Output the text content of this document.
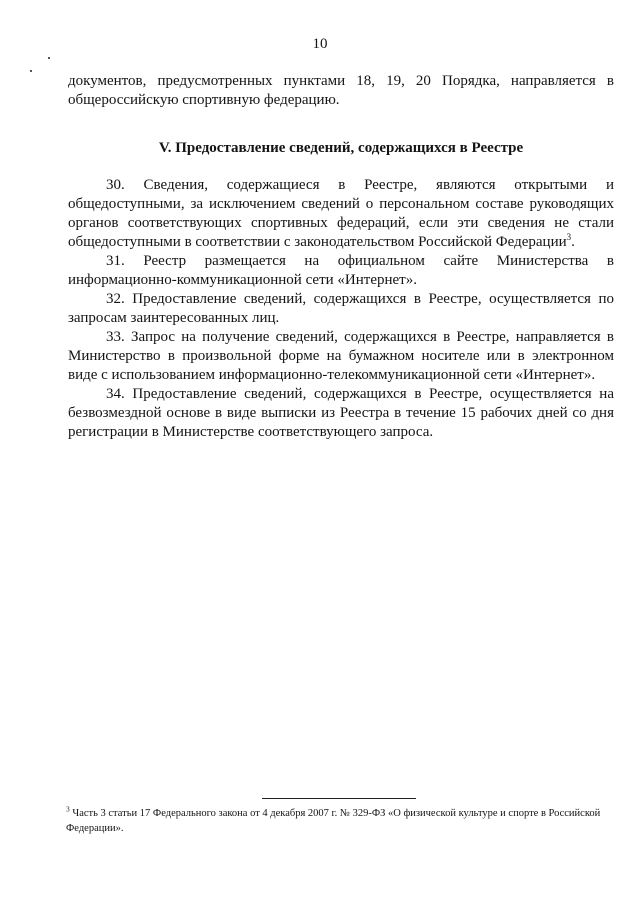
10

документов, предусмотренных пунктами 18, 19, 20 Порядка, направляется в общероссийскую спортивную федерацию.

V. Предоставление сведений, содержащихся в Реестре

30. Сведения, содержащиеся в Реестре, являются открытыми и общедоступными, за исключением сведений о персональном составе руководящих органов соответствующих спортивных федераций, если эти сведения не стали общедоступными в соответствии с законодательством Российской Федерации$^3$.

31. Реестр размещается на официальном сайте Министерства в информационно-коммуникационной сети «Интернет».

32. Предоставление сведений, содержащихся в Реестре, осуществляется по запросам заинтересованных лиц.

33. Запрос на получение сведений, содержащихся в Реестре, направляется в Министерство в произвольной форме на бумажном носителе или в электронном виде с использованием информационно-телекоммуникационной сети «Интернет».

34. Предоставление сведений, содержащихся в Реестре, осуществляется на безвозмездной основе в виде выписки из Реестра в течение 15 рабочих дней со дня регистрации в Министерстве соответствующего запроса.

$^3$ Часть 3 статьи 17 Федерального закона от 4 декабря 2007 г. № 329-ФЗ «О физической культуре и спорте в Российской Федерации».
